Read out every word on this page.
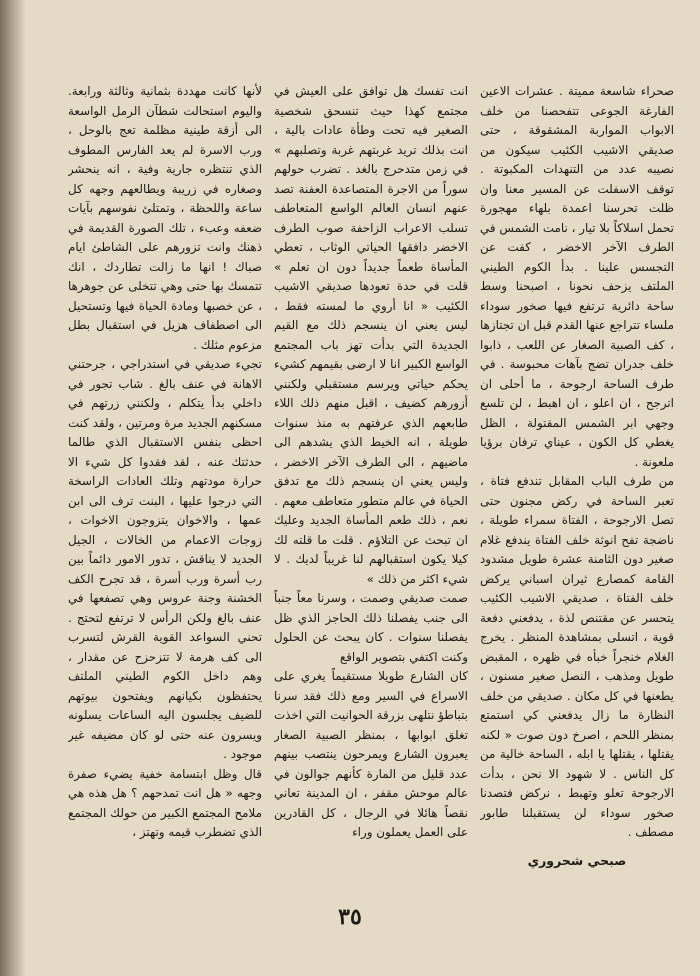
لأنها كانت مهددة بثمانية وثالثة ورابعة. واليوم استحالت شطآن الرمل الواسعة الى أزقة طينية مظلمة تعج بالوحل ، ورب الاسرة لم يعد الفارس المطوف الذي تنتظره جارية وفية ، انه ينحشر وصغاره في زريبة ويطالعهم وجهه كل ساعة واللحظة ، وتمتلئ نفوسهم بآيات ضعفه وعبء ، تلك الصورة القديمة في ذهنك وانت تزورهم على الشاطئ ايام صباك ! انها ما زالت تطاردك ، انك تتمسك بها حتى وهي تتخلى عن جوهرها ، عن خصبها ومادة الحياة فيها وتستحيل الى اصطفاف هزيل في استقبال بطل مزعوم مثلك .

تجيء صديقي في استدراجي ، جرحتني الاهانة في عنف بالغ . شاب تجور في داخلي بدأ يتكلم ، ولكنني زرتهم في مسكنهم الجديد مرة ومرتين ، ولقد كنت احظى بنفس الاستقبال الذي طالما حدثتك عنه ، لقد فقدوا كل شيء الا حرارة مودتهم وتلك العادات الراسخة التي درجوا عليها ، البنت ترف الى ابن عمها ، والاخوان يتزوجون الاخوات ، زوجات الاعمام من الخالات ، الجيل الجديد لا يناقش ، تدور الامور دائماً بين رب أسرة ورب أسرة ، قد تجرح الكف الخشنة وجنة عروس وهي تصفعها في عنف بالغ ولكن الرأس لا ترتفع لتحتج . تحني السواعد القوية القرش لتسرب الى كف هرمة لا تتزحزح عن مقدار ، وهم داخل الكوم الطيني الملتف يحتفظون بكيانهم ويفتحون بيوتهم للضيف يجلسون اليه الساعات يسلونه ويسرون عنه حتى لو كان مضيفه غير موجود .

قال وظل ابتسامة خفية يضيء صفرة وجهه « هل انت تمدحهم ؟ هل هذه هي ملامح المجتمع الكبير من حولك المجتمع الذي تضطرب قيمه وتهتز ،

انت تفسك هل توافق على العيش في مجتمع كهذا حيث تنسحق شخصية الصغير فيه تحت وطأة عادات بالية ، انت بذلك تريد غربتهم غربة وتصلبهم » في زمن متدحرج بالغد . تضرب حولهم سوراً من الاجرة المتصاعدة العفنة تصد عنهم انسان العالم الواسع المتعاطف تسلب الاعراب الزاحفة صوب الطرف الاخضر دافقها الحياتي الوثاب ، تعطي المأساة طعماً جديداً دون ان تعلم » قلت في حدة تعودها صديقي الاشيب الكئيب « انا أروي ما لمسته فقط ، ليس يعني ان ينسجم ذلك مع القيم الجديدة التي بدأت تهز باب المجتمع الواسع الكبير انا لا ارضى بقيمهم كشيء يحكم حياتي ويرسم مستقبلي ولكنني أزورهم كضيف ، اقبل منهم ذلك اللاء طابعهم الذي عرفتهم به منذ سنوات طويلة ، انه الخيط الذي يشدهم الى ماضيهم ، الى الطرف الآخر الاخضر ، وليس يعني ان ينسجم ذلك مع تدفق الحياة في عالم متطور متعاطف معهم . نعم ، ذلك طعم المأساة الجديد وعليك ان تبحث عن التلاؤم . قلت ما قلته لك كيلا يكون استقبالهم لنا غريباً لديك . لا شيء اكثر من ذلك »

صمت صديقي وصمت ، وسرنا معاً جنباً الى جنب يفصلنا ذلك الحاجز الذي ظل يفصلنا سنوات . كان يبحث عن الحلول وكنت اكتفي بتصوير الواقع

كان الشارع طويلا مستقيماً يغري على الاسراع في السير ومع ذلك فقد سرنا بتباطؤ نتلهى بزرقة الحوانيت التي اخذت تغلق ابوابها ، بمنظر الصبية الصغار يعبرون الشارع ويمرحون ينتصب بينهم عدد قليل من المارة كأنهم جوالون في عالم موحش مقفر ، ان المدينة تعاني نقصاً هائلا في الرجال ، كل القادرين على العمل يعملون وراء

صحراء شاسعة مميتة . عشرات الاعين الفارغة الجوعى تتفحصنا من خلف الابواب المواربة المشقوقة ، حتى صديقي الاشيب الكئيب سيكون من نصيبه عدد من التنهدات المكبوتة . توقف الاسفلت عن المسير معنا وان ظلت تحرسنا اعمدة بلهاء مهجورة تحمل اسلاكاً بلا تيار ، نامت الشمس في الطرف الآخر الاخضر ، كفت عن التجسس علينا . بدأ الكوم الطيني الملتف يزحف نحونا ، اصبحنا وسط ساحة دائرية ترتفع فيها صخور سوداء ملساء تتراجع عنها القدم قبل ان تجتازها ، كف الصبية الصغار عن اللعب ، ذابوا خلف جدران تضج بآهات محبوسة . في طرف الساحة ارجوحة ، ما أحلى ان اترجح ، ان اعلو ، ان اهبط ، لن تلسع وجهي ابر الشمس المقتولة ، الظل يغطي كل الكون ، عيناي ترفان برؤيا ملعونة .

من طرف الباب المقابل تندفع فتاة ، تعبر الساحة في ركض مجنون حتى تصل الارجوحة ، الفتاة سمراء طويلة ، ناضجة تفح انوثة خلف الفتاة يندفع غلام صغير دون الثامنة عشرة طويل مشدود القامة كمصارع ثيران اسباني يركض خلف الفتاة ، صديقي الاشيب الكئيب يتحسر عن مقتنص لذة ، يدفعني دفعة قوية ، اتسلى بمشاهدة المنظر . يخرج الغلام خنجراً خبأه في ظهره ، المقبض طويل ومذهب ، النصل صغير مسنون ، يطعنها في كل مكان . صديقي من خلف النظارة ما زال يدفعني كي استمتع بمنظر اللحم ، اصرخ دون صوت « لكنه يقتلها ، يقتلها يا ابله ، الساحة خالية من كل الناس . لا شهود الا نحن ، بدأت الارجوحة تعلو وتهبط ، نركض فتصدنا صخور سوداء لن يستقبلنا طابور مصطف .

صبحي شحروري
٣٥
